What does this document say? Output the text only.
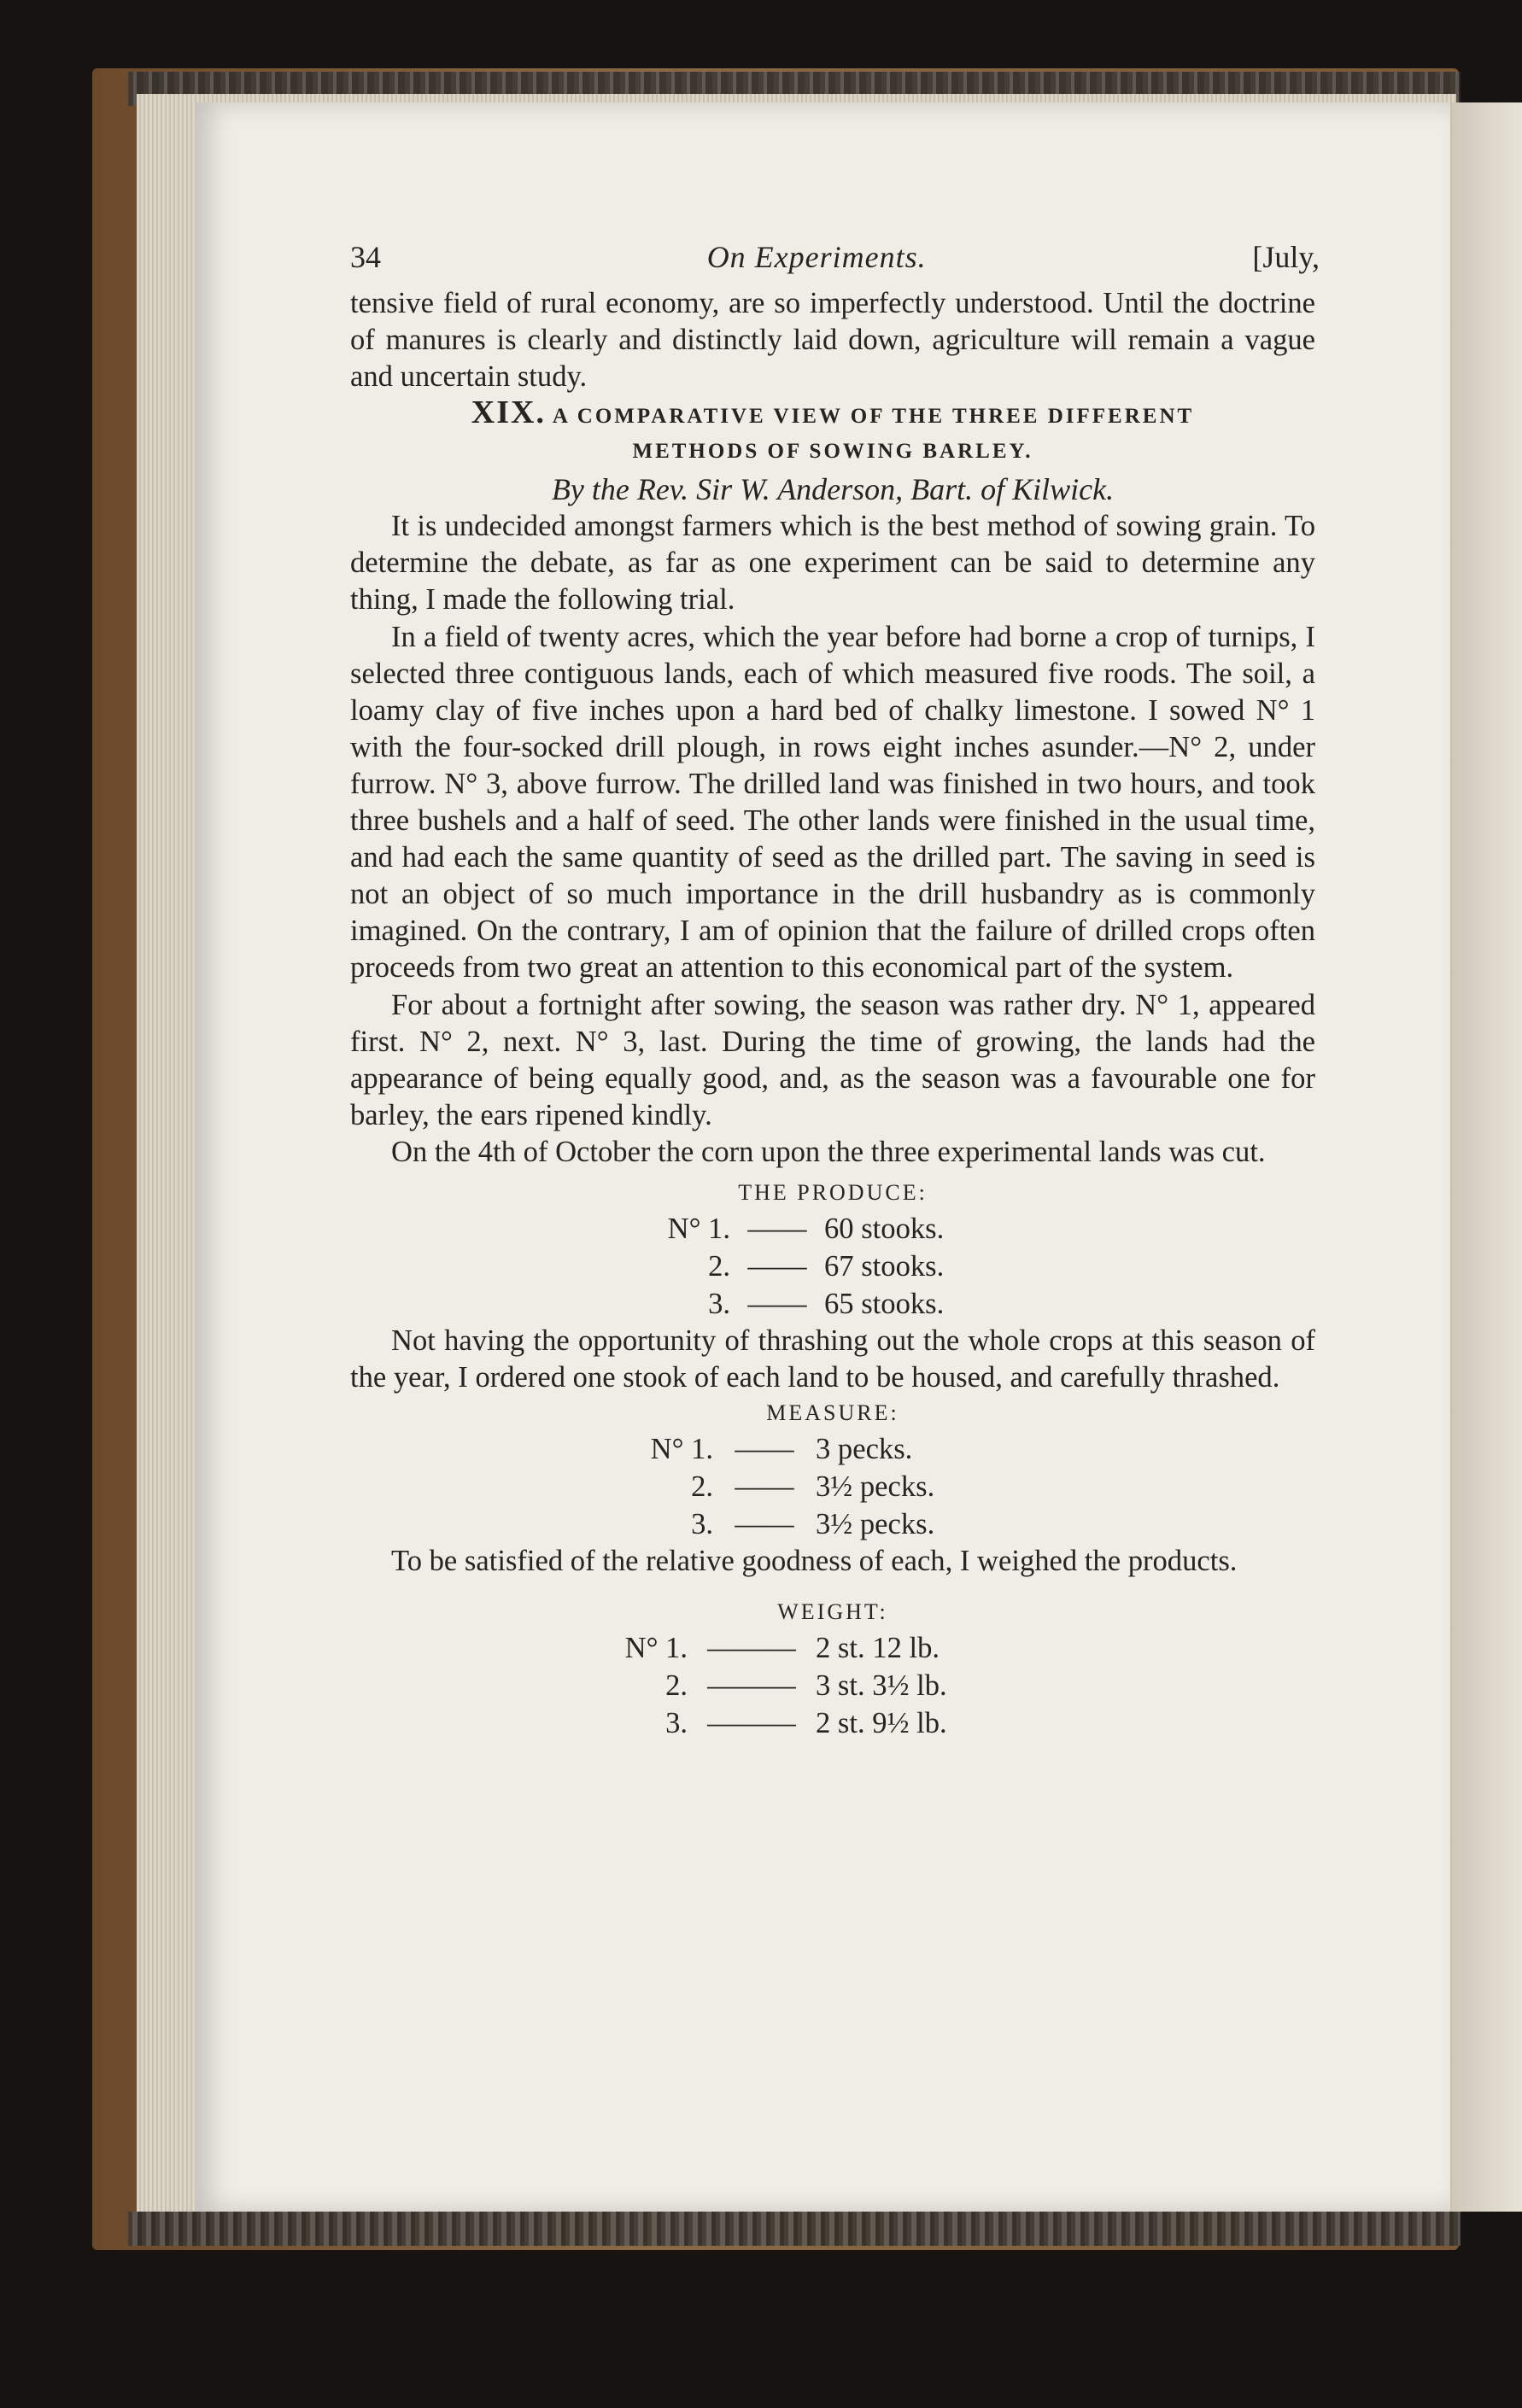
34	On Experiments.	[July,

tensive field of rural economy, are so imperfectly understood. Until the doctrine of manures is clearly and distinctly laid down, agriculture will remain a vague and uncertain study.

XIX. A COMPARATIVE VIEW OF THE THREE DIFFERENT

METHODS OF SOWING BARLEY.

By the Rev. Sir W. Anderson, Bart. of Kilwick.

It is undecided amongst farmers which is the best method of sowing grain. To determine the debate, as far as one experiment can be said to determine any thing, I made the following trial.

In a field of twenty acres, which the year before had borne a crop of turnips, I selected three contiguous lands, each of which measured five roods. The soil, a loamy clay of five inches upon a hard bed of chalky limestone. I sowed N° 1 with the four-socked drill plough, in rows eight inches asunder.—N° 2, under furrow. N° 3, above furrow. The drilled land was finished in two hours, and took three bushels and a half of seed. The other lands were finished in the usual time, and had each the same quantity of seed as the drilled part. The saving in seed is not an object of so much importance in the drill husbandry as is commonly imagined. On the contrary, I am of opinion that the failure of drilled crops often proceeds from two great an attention to this economical part of the system.

For about a fortnight after sowing, the season was rather dry. N° 1, appeared first. N° 2, next. N° 3, last. During the time of growing, the lands had the appearance of being equally good, and, as the season was a favourable one for barley, the ears ripened kindly.

On the 4th of October the corn upon the three experimental lands was cut.

THE PRODUCE:

N° 1. —— 60 stooks.
2. —— 67 stooks.
3. —— 65 stooks.

Not having the opportunity of thrashing out the whole crops at this season of the year, I ordered one stook of each land to be housed, and carefully thrashed.

MEASURE:

N° 1. —— 3 pecks.
2. —— 3½ pecks.
3. —— 3½ pecks.

To be satisfied of the relative goodness of each, I weighed the products.

WEIGHT:

N° 1. ——— 2 st. 12 lb.
2. ——— 3 st. 3½ lb.
3. ——— 2 st. 9½ lb.
